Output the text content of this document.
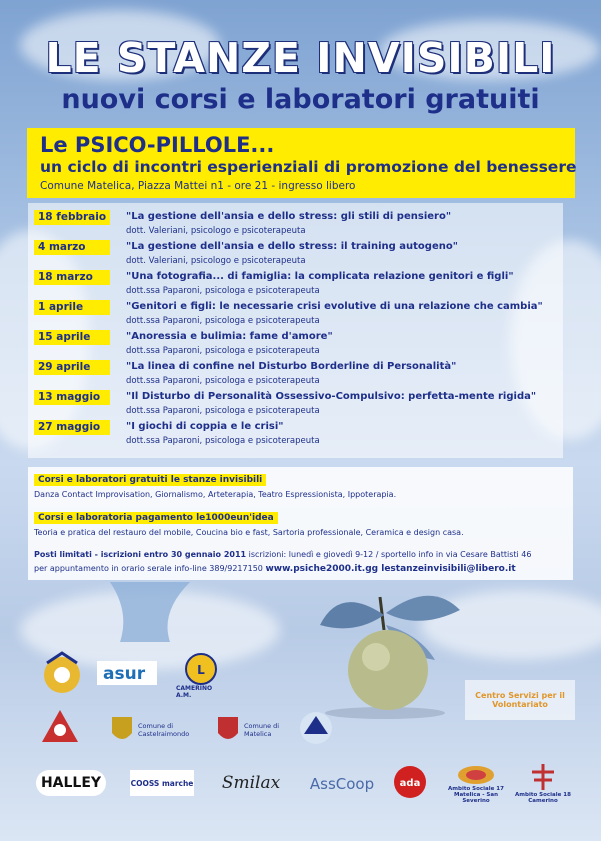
LE STANZE INVISIBILI
nuovi corsi e laboratori gratuiti
Le PSICO-PILLOLE...
un ciclo di incontri esperienziali di promozione del benessere
Comune Matelica, Piazza Mattei n1 - ore 21 - ingresso libero
18 febbraio	"La gestione dell'ansia e dello stress: gli stili di pensiero"
dott. Valeriani, psicologo e psicoterapeuta
4 marzo	"La gestione dell'ansia e dello stress: il training autogeno"
dott. Valeriani, psicologo e psicoterapeuta
18 marzo	"Una fotografia... di famiglia: la complicata relazione genitori e figli"
dott.ssa Paparoni, psicologa e psicoterapeuta
1 aprile	"Genitori e figli: le necessarie crisi evolutive di una relazione che cambia"
dott.ssa Paparoni, psicologa e psicoterapeuta
15 aprile	"Anoressia e bulimia: fame d'amore"
dott.ssa Paparoni, psicologa e psicoterapeuta
29 aprile	"La linea di confine nel Disturbo Borderline di Personalità"
dott.ssa Paparoni, psicologa e psicoterapeuta
13 maggio	"Il Disturbo di Personalità Ossessivo-Compulsivo: perfetta-mente rigida"
dott.ssa Paparoni, psicologa e psicoterapeuta
27 maggio	"I giochi di coppia e le crisi"
dott.ssa Paparoni, psicologa e psicoterapeuta
Corsi e laboratori gratuiti le stanze invisibili
Danza Contact Improvisation, Giornalismo, Arteterapia, Teatro Espressionista, Ippoterapia.
Corsi e laboratoria pagamento le1000eun'idea
Teoria e pratica del restauro del mobile, Coucina bio e fast, Sartoria professionale, Ceramica e design casa.
Posti limitati - iscrizioni entro 30 gennaio 2011 iscrizioni: lunedì e giovedì 9-12 / sportello info in via Cesare Battisti 46
per appuntamento in orario serale info-line 389/9217150 www.psiche2000.it.gg lestanzeinvisibili@libero.it
asur	L
CAMERINO A.M.	Centro Servizi per il Volontariato
Comune di Castelraimondo
Comune di Matelica
HALLEY	COOSS marche Smilax AssCoop	ada	Ambito Sociale 17 Matelica - San Severino
Ambito Sociale 18 Camerino
